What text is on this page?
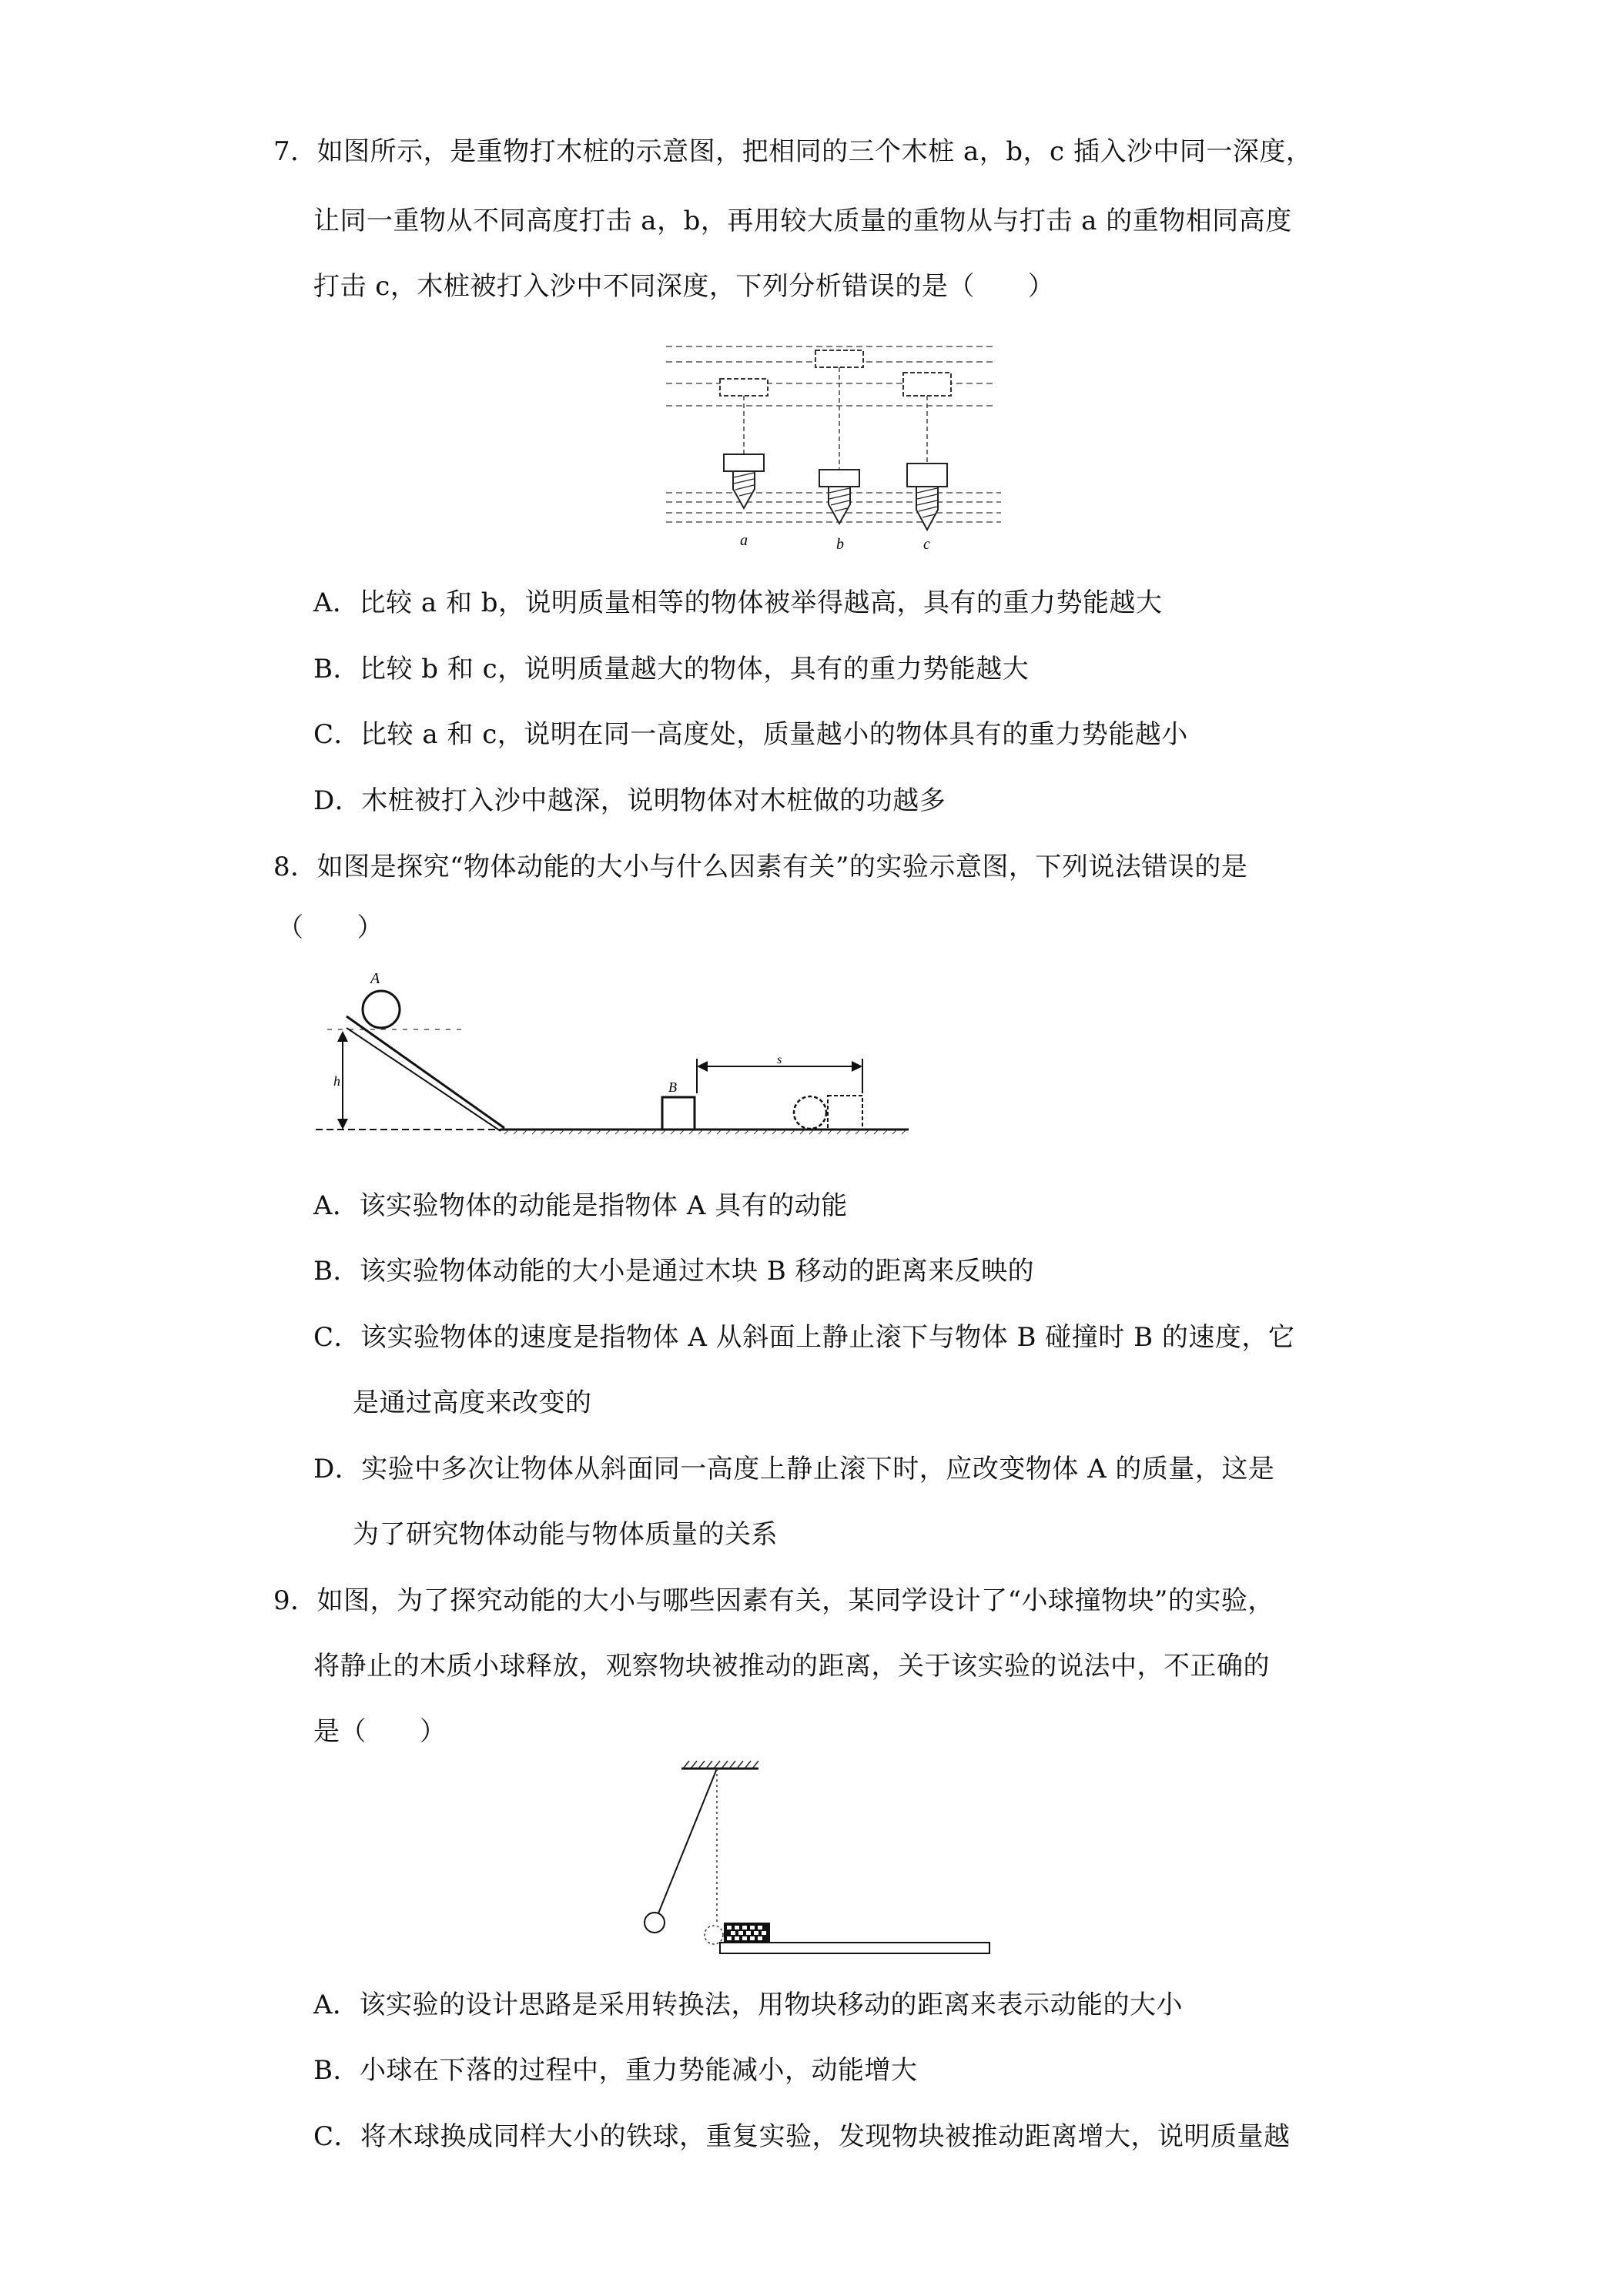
7．如图所示，是重物打木桩的示意图，把相同的三个木桩 a，b，c 插入沙中同一深度，
让同一重物从不同高度打击 a，b，再用较大质量的重物从与打击 a 的重物相同高度
打击 c，木桩被打入沙中不同深度，下列分析错误的是（　　）
a	b	c
A．比较 a 和 b，说明质量相等的物体被举得越高，具有的重力势能越大
B．比较 b 和 c，说明质量越大的物体，具有的重力势能越大
C．比较 a 和 c，说明在同一高度处，质量越小的物体具有的重力势能越小
D．木桩被打入沙中越深，说明物体对木桩做的功越多
8．如图是探究“物体动能的大小与什么因素有关”的实验示意图，下列说法错误的是
（　　）
A
h	B
s
A．该实验物体的动能是指物体 A 具有的动能
B．该实验物体动能的大小是通过木块 B 移动的距离来反映的
C．该实验物体的速度是指物体 A 从斜面上静止滚下与物体 B 碰撞时 B 的速度，它
是通过高度来改变的
D．实验中多次让物体从斜面同一高度上静止滚下时，应改变物体 A 的质量，这是
为了研究物体动能与物体质量的关系
9．如图，为了探究动能的大小与哪些因素有关，某同学设计了“小球撞物块”的实验，
将静止的木质小球释放，观察物块被推动的距离，关于该实验的说法中，不正确的
是（　　）
A．该实验的设计思路是采用转换法，用物块移动的距离来表示动能的大小
B．小球在下落的过程中，重力势能减小，动能增大
C．将木球换成同样大小的铁球，重复实验，发现物块被推动距离增大，说明质量越
